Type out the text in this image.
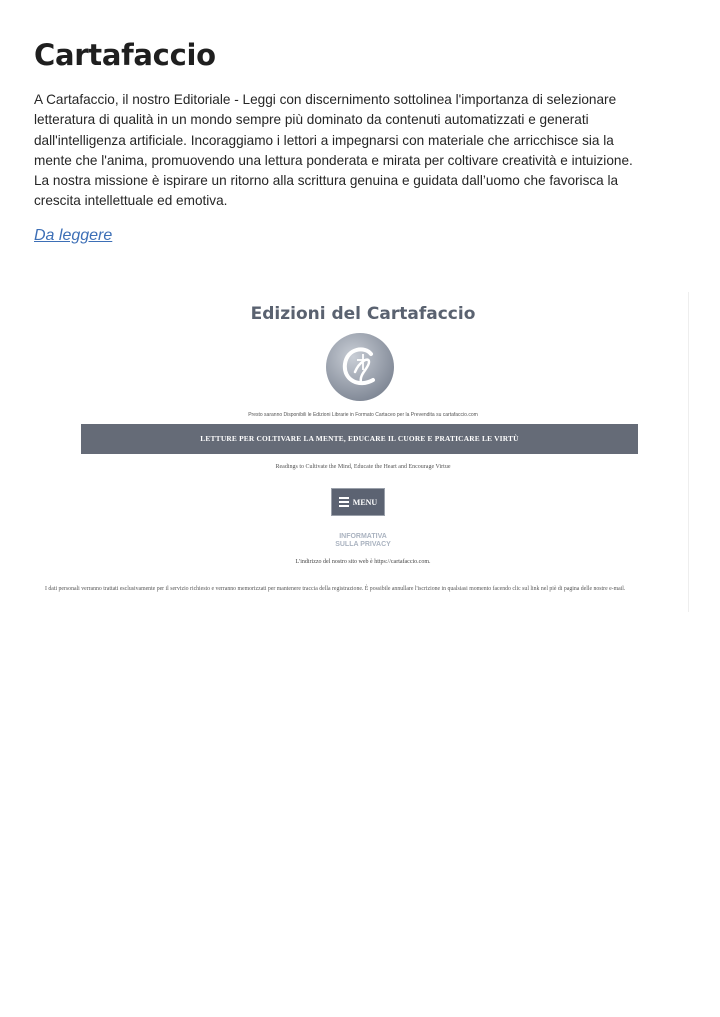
Cartafaccio

A Cartafaccio, il nostro Editoriale - Leggi con discernimento sottolinea l'importanza di selezionare
letteratura di qualità in un mondo sempre più dominato da contenuti automatizzati e generati
dall'intelligenza artificiale. Incoraggiamo i lettori a impegnarsi con materiale che arricchisce sia la
mente che l'anima, promuovendo una lettura ponderata e mirata per coltivare creatività e intuizione.
La nostra missione è ispirare un ritorno alla scrittura genuina e guidata dall’uomo che favorisca la
crescita intellettuale ed emotiva.

Da leggere
Edizioni del Cartafaccio
Presto saranno Disponibili le Edizioni Librarie in Formato Cartaceo per la Prevendita su cartafaccio.com
LETTURE PER COLTIVARE LA MENTE, EDUCARE IL CUORE E PRATICARE LE VIRTÙ
Readings to Cultivate the Mind, Educate the Heart and Encourage Virtue
MENU
INFORMATIVA
SULLA PRIVACY
L'indirizzo del nostro sito web è https://cartafaccio.com.
I dati personali verranno trattati esclusivamente per il servizio richiesto e verranno memorizzati per mantenere traccia della registrazione. È possibile annullare l'iscrizione in qualsiasi momento facendo clic sul link nel piè di pagina delle nostre e-mail.
